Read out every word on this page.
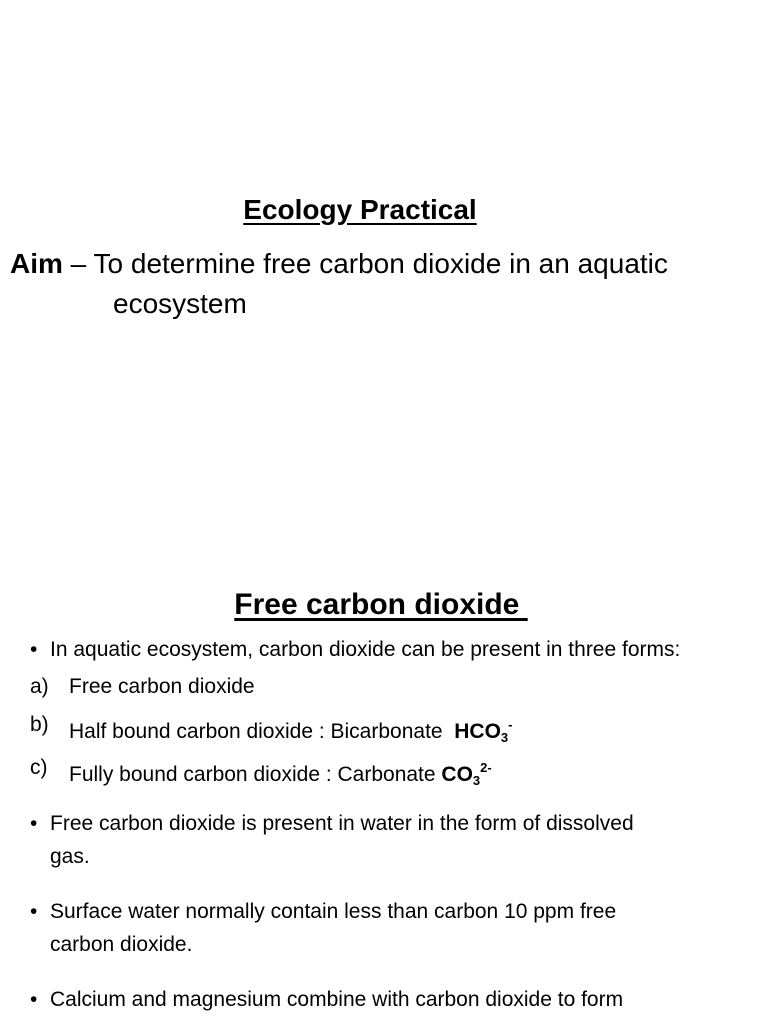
Ecology Practical

Aim – To determine free carbon dioxide in an aquatic
ecosystem

Free carbon dioxide
• In aquatic ecosystem, carbon dioxide can be present in three forms:
a) Free carbon dioxide
b) Half bound carbon dioxide : Bicarbonate  $HCO_3^-$
c) Fully bound carbon dioxide : Carbonate $CO_3^{2-}$
• Free carbon dioxide is present in water in the form of dissolved
gas.
• Surface water normally contain less than carbon 10 ppm free
carbon dioxide.
• Calcium and magnesium combine with carbon dioxide to form
